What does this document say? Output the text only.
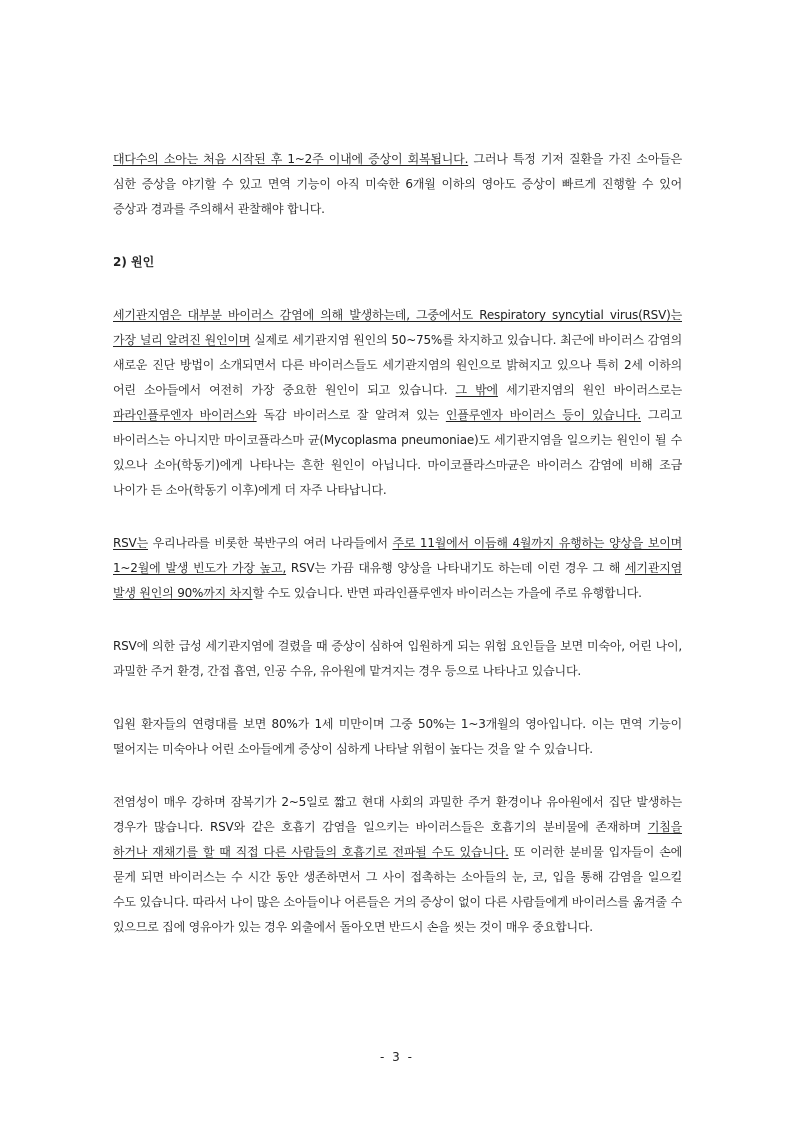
대다수의 소아는 처음 시작된 후 1~2주 이내에 증상이 회복됩니다. 그러나 특정 기저 질환을 가진 소아들은 심한 증상을 야기할 수 있고 면역 기능이 아직 미숙한 6개월 이하의 영아도 증상이 빠르게 진행할 수 있어 증상과 경과를 주의해서 관찰해야 합니다.

2) 원인

세기관지염은 대부분 바이러스 감염에 의해 발생하는데, 그중에서도 Respiratory syncytial virus(RSV)는 가장 널리 알려진 원인이며 실제로 세기관지염 원인의 50~75%를 차지하고 있습니다. 최근에 바이러스 감염의 새로운 진단 방법이 소개되면서 다른 바이러스들도 세기관지염의 원인으로 밝혀지고 있으나 특히 2세 이하의 어린 소아들에서 여전히 가장 중요한 원인이 되고 있습니다. 그 밖에 세기관지염의 원인 바이러스로는 파라인플루엔자 바이러스와 독감 바이러스로 잘 알려져 있는 인플루엔자 바이러스 등이 있습니다. 그리고 바이러스는 아니지만 마이코플라스마 균(Mycoplasma pneumoniae)도 세기관지염을 일으키는 원인이 될 수 있으나 소아(학동기)에게 나타나는 흔한 원인이 아닙니다. 마이코플라스마균은 바이러스 감염에 비해 조금 나이가 든 소아(학동기 이후)에게 더 자주 나타납니다.

RSV는 우리나라를 비롯한 북반구의 여러 나라들에서 주로 11월에서 이듬해 4월까지 유행하는 양상을 보이며 1~2월에 발생 빈도가 가장 높고, RSV는 가끔 대유행 양상을 나타내기도 하는데 이런 경우 그 해 세기관지염 발생 원인의 90%까지 차지할 수도 있습니다. 반면 파라인플루엔자 바이러스는 가을에 주로 유행합니다.

RSV에 의한 급성 세기관지염에 걸렸을 때 증상이 심하여 입원하게 되는 위험 요인들을 보면 미숙아, 어린 나이, 과밀한 주거 환경, 간접 흡연, 인공 수유, 유아원에 맡겨지는 경우 등으로 나타나고 있습니다.

입원 환자들의 연령대를 보면 80%가 1세 미만이며 그중 50%는 1~3개월의 영아입니다. 이는 면역 기능이 떨어지는 미숙아나 어린 소아들에게 증상이 심하게 나타날 위험이 높다는 것을 알 수 있습니다.

전염성이 매우 강하며 잠복기가 2~5일로 짧고 현대 사회의 과밀한 주거 환경이나 유아원에서 집단 발생하는 경우가 많습니다. RSV와 같은 호흡기 감염을 일으키는 바이러스들은 호흡기의 분비물에 존재하며 기침을 하거나 재채기를 할 때 직접 다른 사람들의 호흡기로 전파될 수도 있습니다. 또 이러한 분비물 입자들이 손에 묻게 되면 바이러스는 수 시간 동안 생존하면서 그 사이 접촉하는 소아들의 눈, 코, 입을 통해 감염을 일으킬 수도 있습니다. 따라서 나이 많은 소아들이나 어른들은 거의 증상이 없이 다른 사람들에게 바이러스를 옮겨줄 수 있으므로 집에 영유아가 있는 경우 외출에서 돌아오면 반드시 손을 씻는 것이 매우 중요합니다.

- 3 -
